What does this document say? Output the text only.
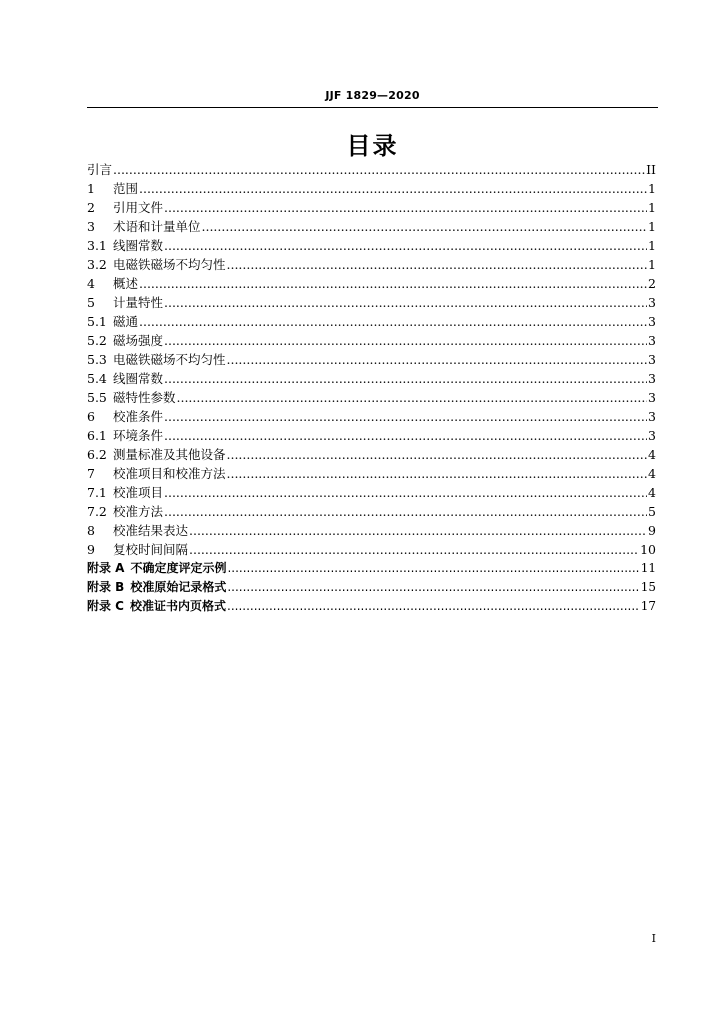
JJF 1829—2020
目录
引言 .....	II
1	范围 .....	1
2	引用文件 .....	1
3	术语和计量单位 .....	1
3.1 线圈常数 .....	1
3.2 电磁铁磁场不均匀性 .....	1
4	概述 .....	2
5	计量特性 .....	3
5.1 磁通 .....	3
5.2 磁场强度 .....	3
5.3 电磁铁磁场不均匀性 .....	3
5.4 线圈常数 .....	3
5.5 磁特性参数 .....	3
6	校准条件 .....	3
6.1 环境条件 .....	3
6.2 测量标准及其他设备 .....	4
7	校准项目和校准方法 .....	4
7.1 校准项目 .....	4
7.2 校准方法 .....	5
8	校准结果表达 .....	9
9	复校时间间隔 .....	10
附录 A 不确定度评定示例 .....	11
附录 B 校准原始记录格式 .....	15
附录 C 校准证书内页格式 .....	17
I
